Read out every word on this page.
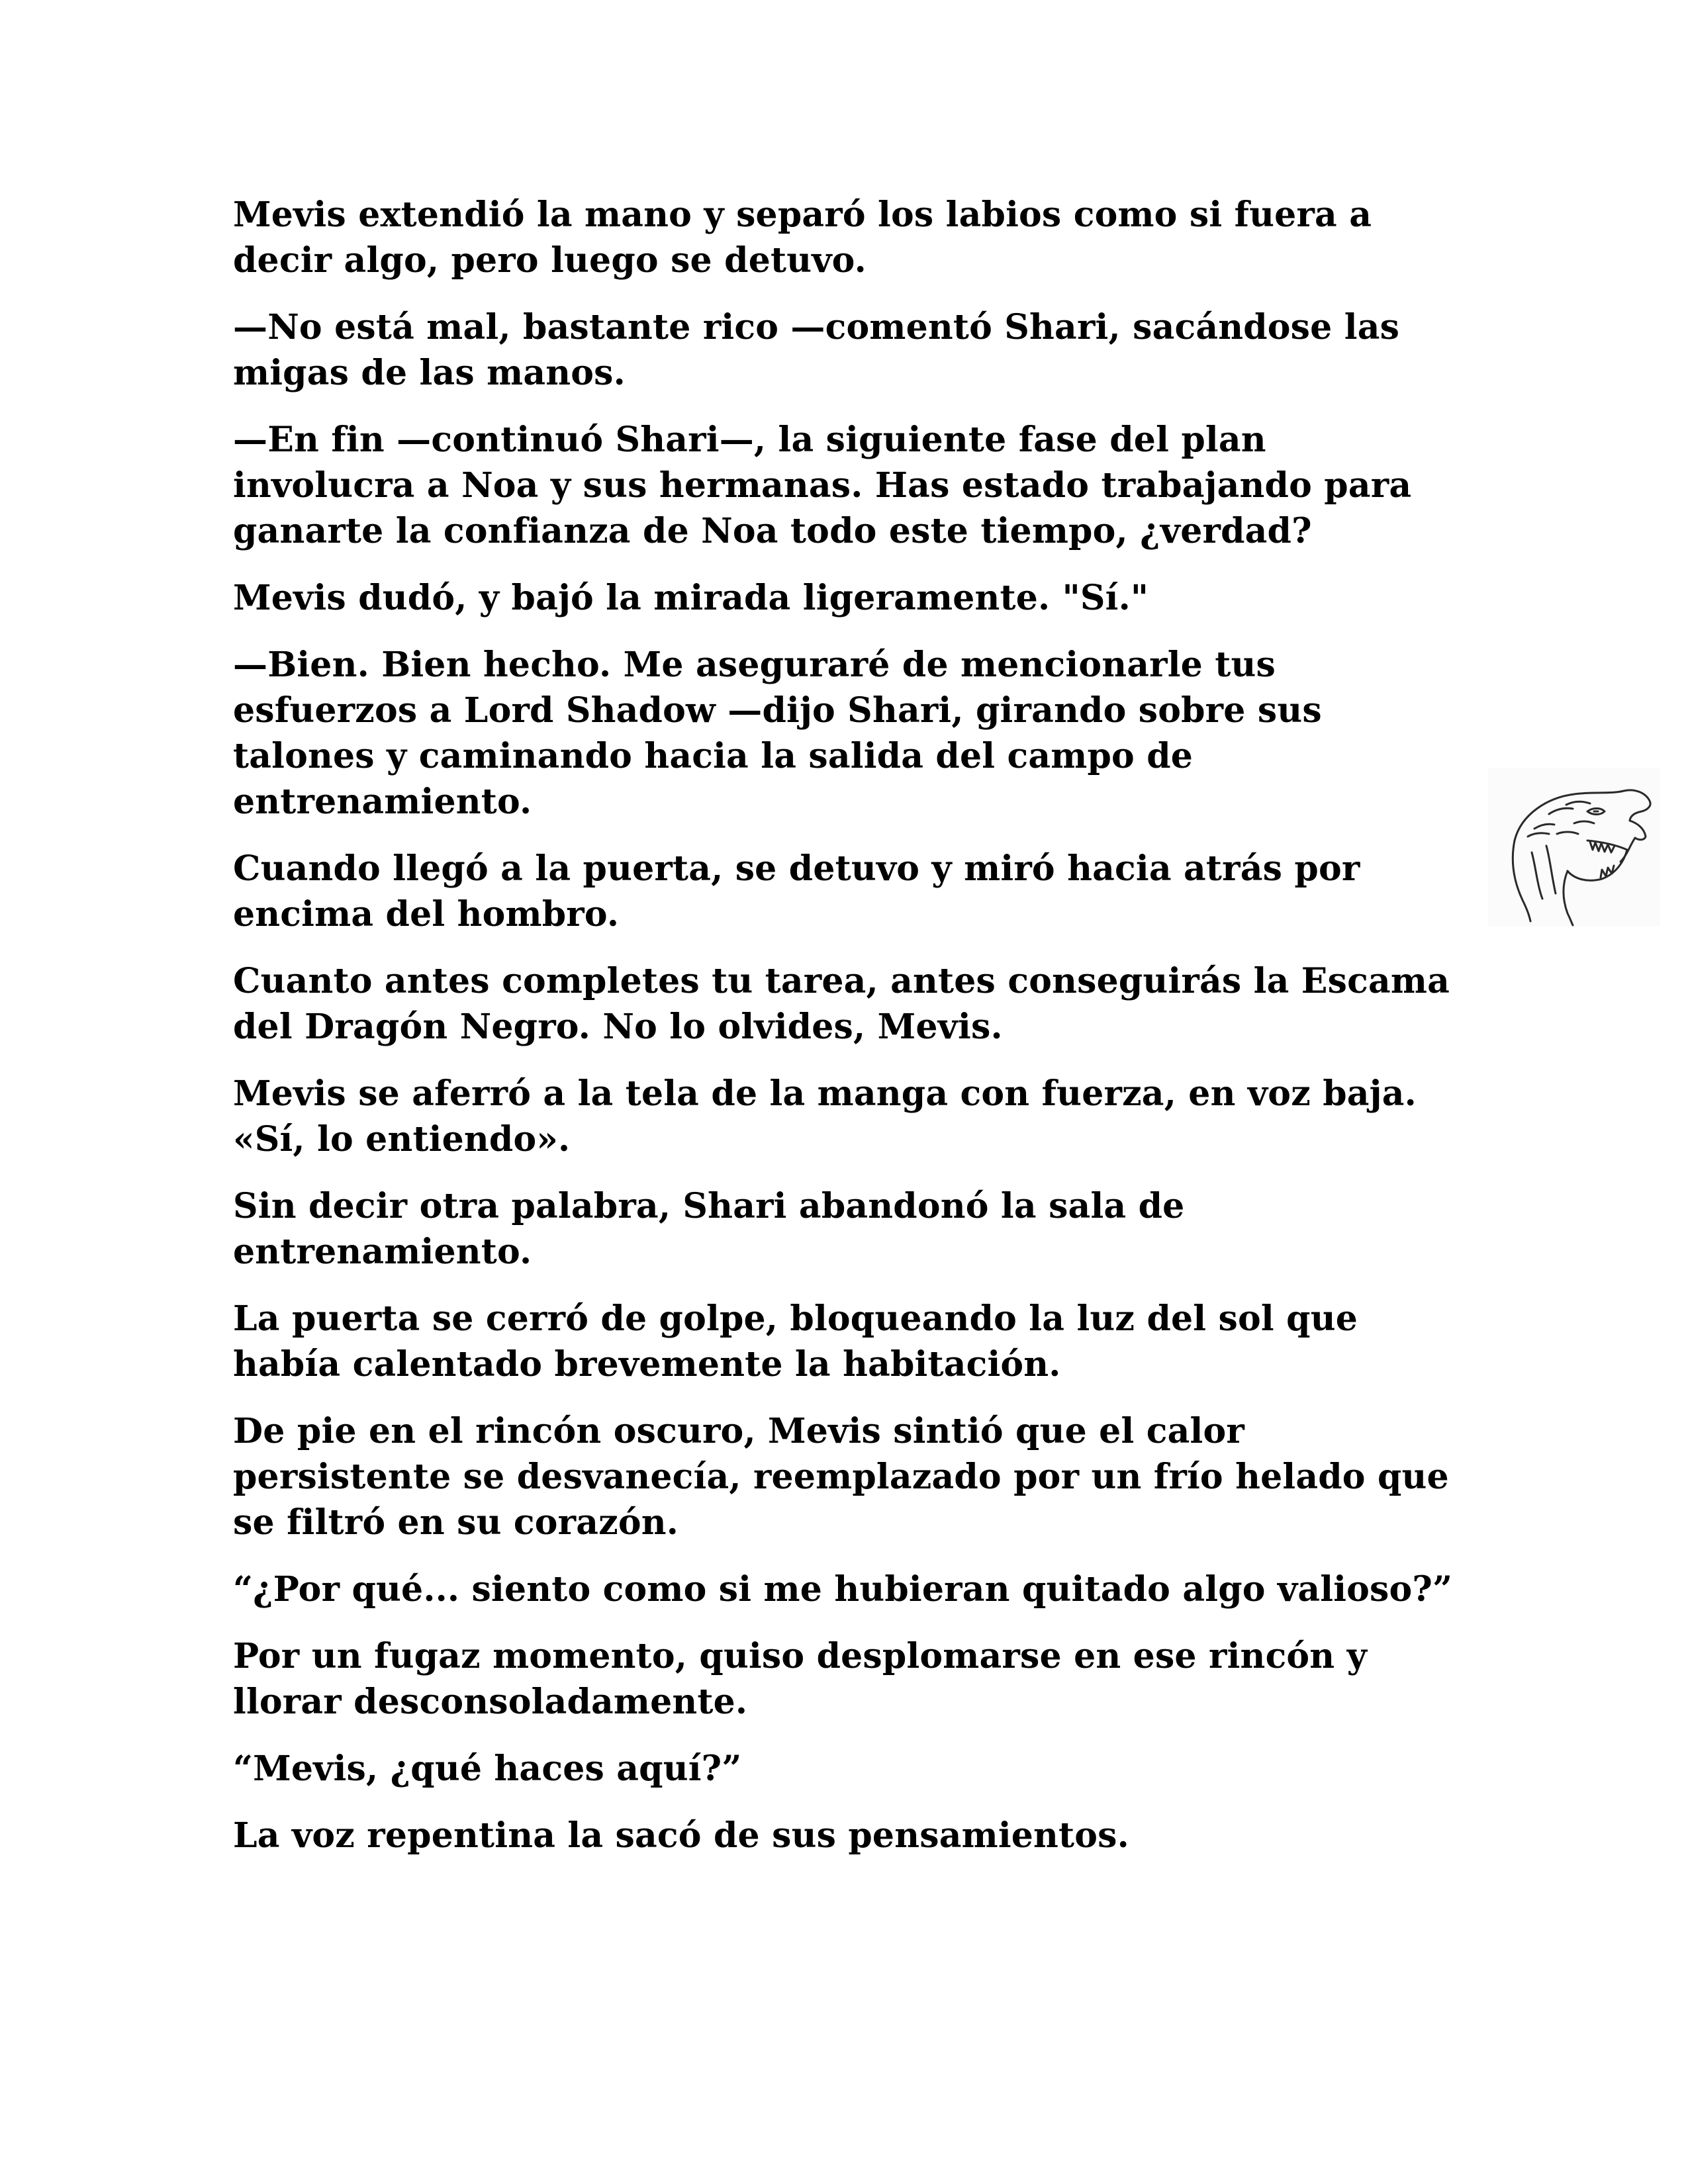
Mevis extendió la mano y separó los labios como si fuera a decir algo, pero luego se detuvo.

—No está mal, bastante rico —comentó Shari, sacándose las migas de las manos.

—En fin —continuó Shari—, la siguiente fase del plan involucra a Noa y sus hermanas. Has estado trabajando para ganarte la confianza de Noa todo este tiempo, ¿verdad?

Mevis dudó, y bajó la mirada ligeramente. "Sí."

—Bien. Bien hecho. Me aseguraré de mencionarle tus esfuerzos a Lord Shadow —dijo Shari, girando sobre sus talones y caminando hacia la salida del campo de entrenamiento.

Cuando llegó a la puerta, se detuvo y miró hacia atrás por encima del hombro.

Cuanto antes completes tu tarea, antes conseguirás la Escama del Dragón Negro. No lo olvides, Mevis.

Mevis se aferró a la tela de la manga con fuerza, en voz baja. «Sí, lo entiendo».

Sin decir otra palabra, Shari abandonó la sala de entrenamiento.

La puerta se cerró de golpe, bloqueando la luz del sol que había calentado brevemente la habitación.

De pie en el rincón oscuro, Mevis sintió que el calor persistente se desvanecía, reemplazado por un frío helado que se filtró en su corazón.

“¿Por qué... siento como si me hubieran quitado algo valioso?”

Por un fugaz momento, quiso desplomarse en ese rincón y llorar desconsoladamente.

“Mevis, ¿qué haces aquí?”

La voz repentina la sacó de sus pensamientos.
